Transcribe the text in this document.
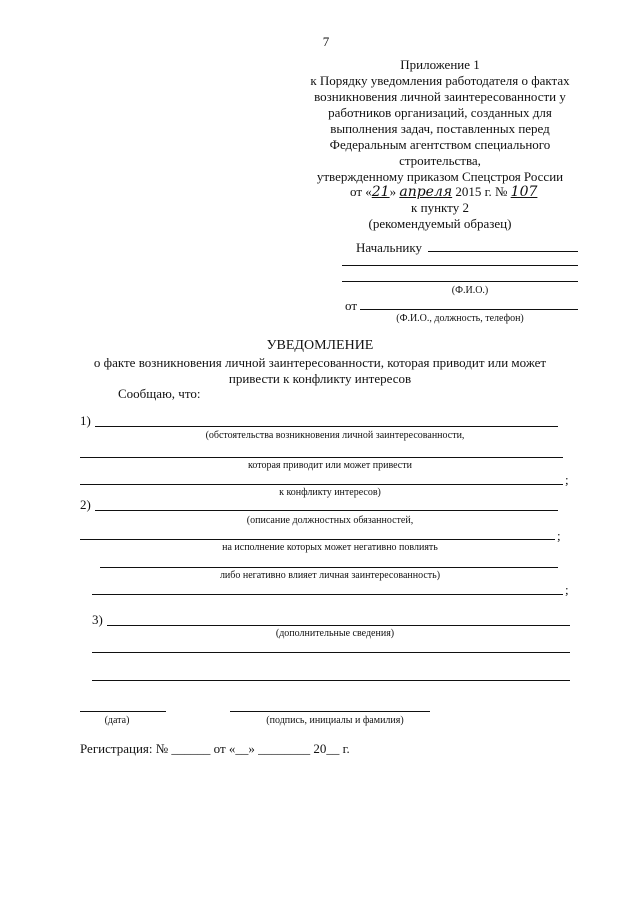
7
Приложение 1
к Порядку уведомления работодателя о фактах
возникновения личной заинтересованности у
работников организаций, созданных для
выполнения задач, поставленных перед
Федеральным агентством специального
строительства,
утвержденному приказом Спецстроя России
от «21» апреля 2015 г. № 107
к пункту 2
(рекомендуемый образец)
Начальнику
(Ф.И.О.)
от
(Ф.И.О., должность, телефон)
УВЕДОМЛЕНИЕ
о факте возникновения личной заинтересованности, которая приводит или может
привести к конфликту интересов
Сообщаю, что:
1)
(обстоятельства возникновения личной заинтересованности,
которая приводит или может привести
;
к конфликту интересов)
2)
(описание должностных обязанностей,
;
на исполнение которых может негативно повлиять
либо негативно влияет личная заинтересованность)
;
3)
(дополнительные сведения)
(дата)	(подпись, инициалы и фамилия)
Регистрация: № ______ от «__» ________ 20__ г.
